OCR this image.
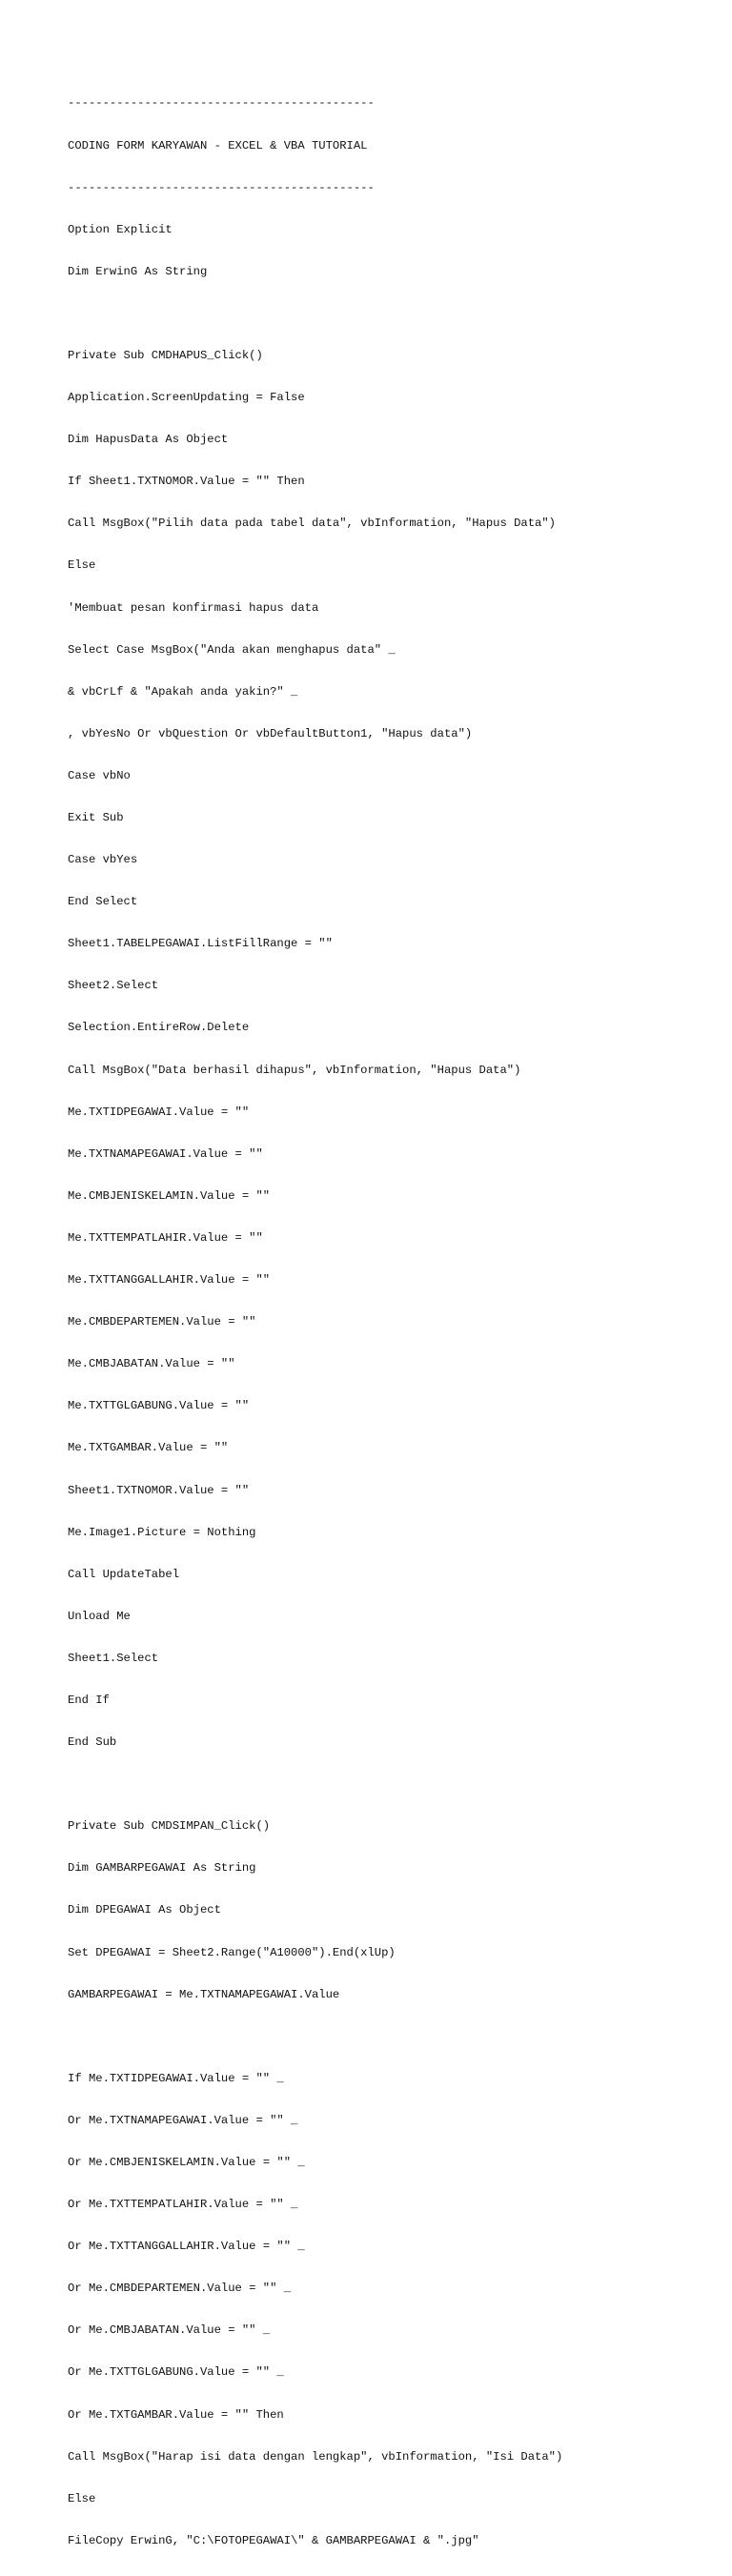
--------------------------------------------

CODING FORM KARYAWAN - EXCEL & VBA TUTORIAL

--------------------------------------------

Option Explicit

Dim ErwinG As String

Private Sub CMDHAPUS_Click()

Application.ScreenUpdating = False

Dim HapusData As Object

If Sheet1.TXTNOMOR.Value = "" Then

Call MsgBox("Pilih data pada tabel data", vbInformation, "Hapus Data")

Else

'Membuat pesan konfirmasi hapus data

Select Case MsgBox("Anda akan menghapus data" _

& vbCrLf & "Apakah anda yakin?" _

, vbYesNo Or vbQuestion Or vbDefaultButton1, "Hapus data")

Case vbNo

Exit Sub

Case vbYes

End Select

Sheet1.TABELPEGAWAI.ListFillRange = ""

Sheet2.Select

Selection.EntireRow.Delete

Call MsgBox("Data berhasil dihapus", vbInformation, "Hapus Data")

Me.TXTIDPEGAWAI.Value = ""

Me.TXTNAMAPEGAWAI.Value = ""

Me.CMBJENISKELAMIN.Value = ""

Me.TXTTEMPATLAHIR.Value = ""

Me.TXTTANGGALLAHIR.Value = ""

Me.CMBDEPARTEMEN.Value = ""

Me.CMBJABATAN.Value = ""

Me.TXTTGLGABUNG.Value = ""

Me.TXTGAMBAR.Value = ""

Sheet1.TXTNOMOR.Value = ""

Me.Image1.Picture = Nothing

Call UpdateTabel

Unload Me

Sheet1.Select

End If

End Sub

Private Sub CMDSIMPAN_Click()

Dim GAMBARPEGAWAI As String

Dim DPEGAWAI As Object

Set DPEGAWAI = Sheet2.Range("A10000").End(xlUp)

GAMBARPEGAWAI = Me.TXTNAMAPEGAWAI.Value

If Me.TXTIDPEGAWAI.Value = "" _

Or Me.TXTNAMAPEGAWAI.Value = "" _

Or Me.CMBJENISKELAMIN.Value = "" _

Or Me.TXTTEMPATLAHIR.Value = "" _

Or Me.TXTTANGGALLAHIR.Value = "" _

Or Me.CMBDEPARTEMEN.Value = "" _

Or Me.CMBJABATAN.Value = "" _

Or Me.TXTTGLGABUNG.Value = "" _

Or Me.TXTGAMBAR.Value = "" Then

Call MsgBox("Harap isi data dengan lengkap", vbInformation, "Isi Data")

Else

FileCopy ErwinG, "C:\FOTOPEGAWAI\" & GAMBARPEGAWAI & ".jpg"
